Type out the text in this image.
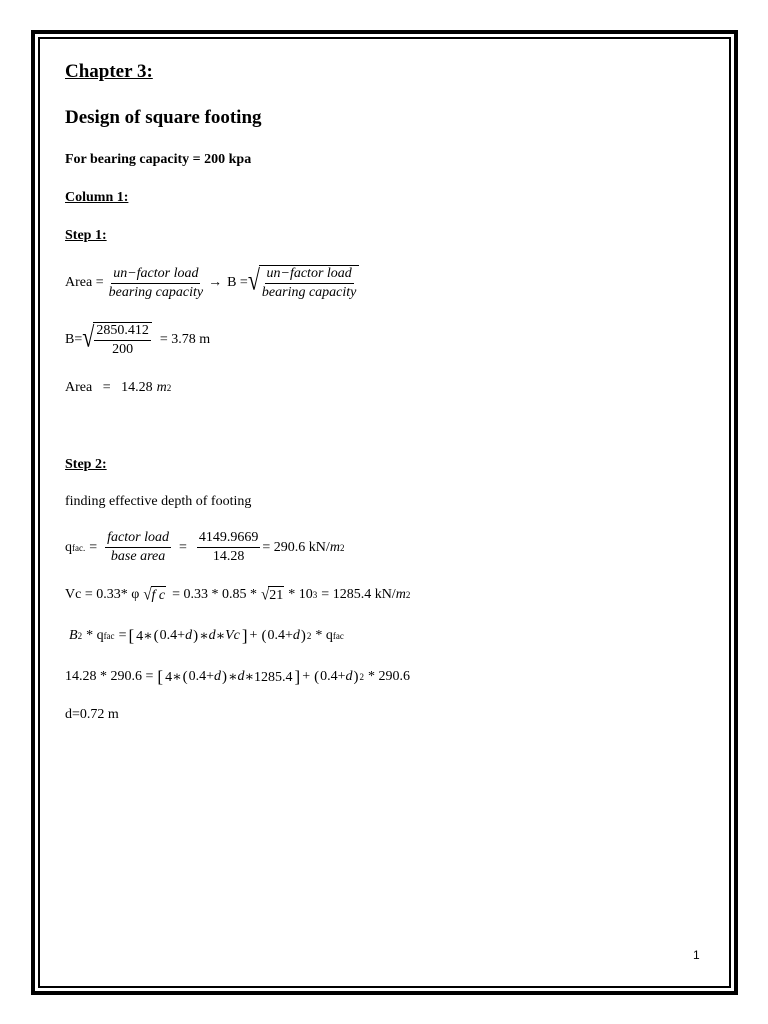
Chapter 3:
Design of square footing
For bearing capacity = 200 kpa
Column 1:
Step 1:
Area = $\frac{\text{un−factor load}}{\text{bearing capacity}} \to B$ = √ $\frac{\text{un−factor load}}{\text{bearing capacity}}$
B= √ $\frac{2850.412}{200} = 3.78$ m
Area   =   14.28 m 2
Step 2:
finding effective depth of footing
q fac. = $\frac{\text{factor load}}{\text{base area}} = \frac{4149.9669}{14.28} = 290.6$ kN/ m 2
Vc = 0.33* φ √ f c = 0.33 * 0.85 * √ 21 * 10 3 = 1285.4 kN/ m 2
B 2 * q fac = [ 4∗ ( 0.4+ d ) ∗ d ∗ Vc ] + ( 0.4+ d ) 2 * q fac
14.28 * 290.6 = [ 4∗ ( 0.4+ d ) ∗ d ∗1285.4 ] + ( 0.4+ d ) 2 * 290.6
d=0.72 m
1
